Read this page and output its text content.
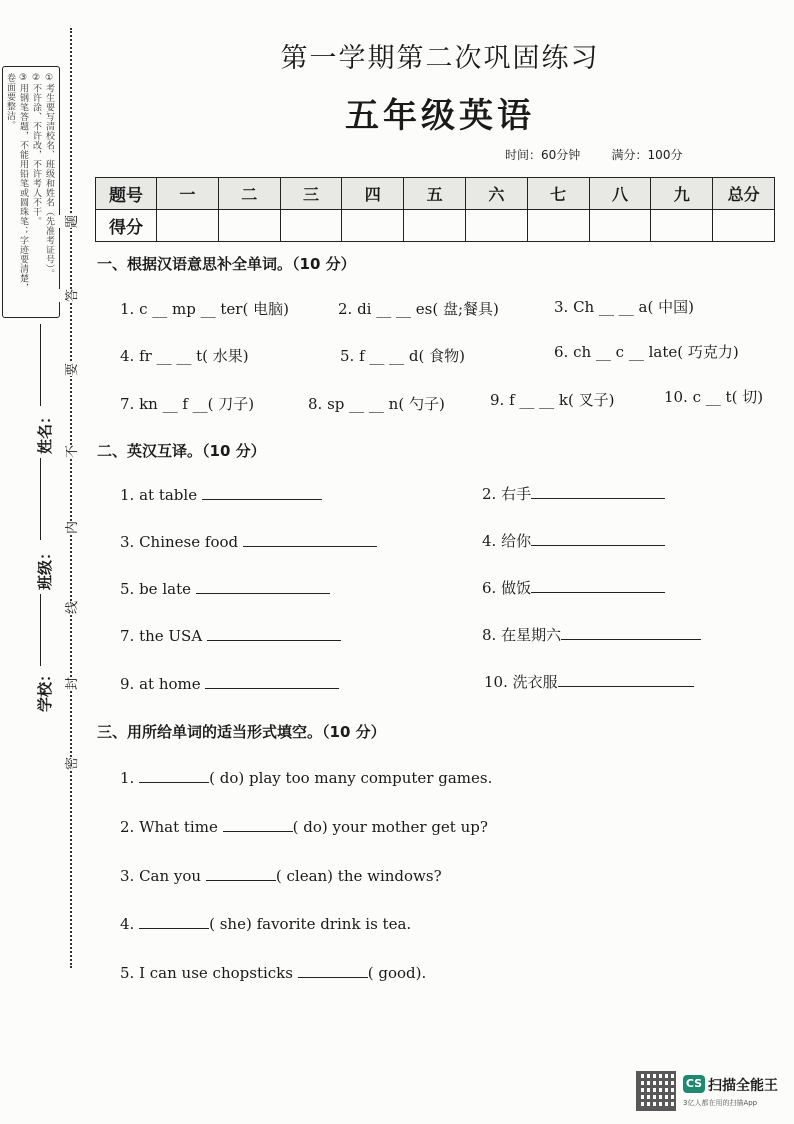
①考生要写清校名、班级和姓名（先准考证号）。
②不许涂、不许改，不许考人不干。
③用钢笔答题，不能用铅笔或圆珠笔；字迹要清楚，
卷面要整洁。
题
答
要
不
内
线
封
密
姓名：
班级：
学校：
第一学期第二次巩固练习
五年级英语
时间：60分钟	满分：100分
题号	一	二	三	四	五	六	七	八	九	总分
得分										
一、根据汉语意思补全单词。（10 分）
1. c __ mp __ ter( 电脑)	2. di __ __ es( 盘;餐具)	3. Ch __ __ a( 中国)
4. fr __ __ t( 水果)	5. f __ __ d( 食物)	6. ch __ c __ late( 巧克力)
7. kn __ f __( 刀子)	8. sp __ __ n( 勺子)	9. f __ __ k( 叉子)	10. c __ t( 切)
二、英汉互译。（10 分）
1. at table	2. 右手
3. Chinese food	4. 给你
5. be late	6. 做饭
7. the USA	8. 在星期六
9. at home	10. 洗衣服
三、用所给单词的适当形式填空。（10 分）
1.	( do) play too many computer games.
2. What time	( do) your mother get up?
3. Can you	( clean) the windows?
4.	( she) favorite drink is tea.
5. I can use chopsticks	( good).
CS 扫描全能王
3亿人都在用的扫描App
